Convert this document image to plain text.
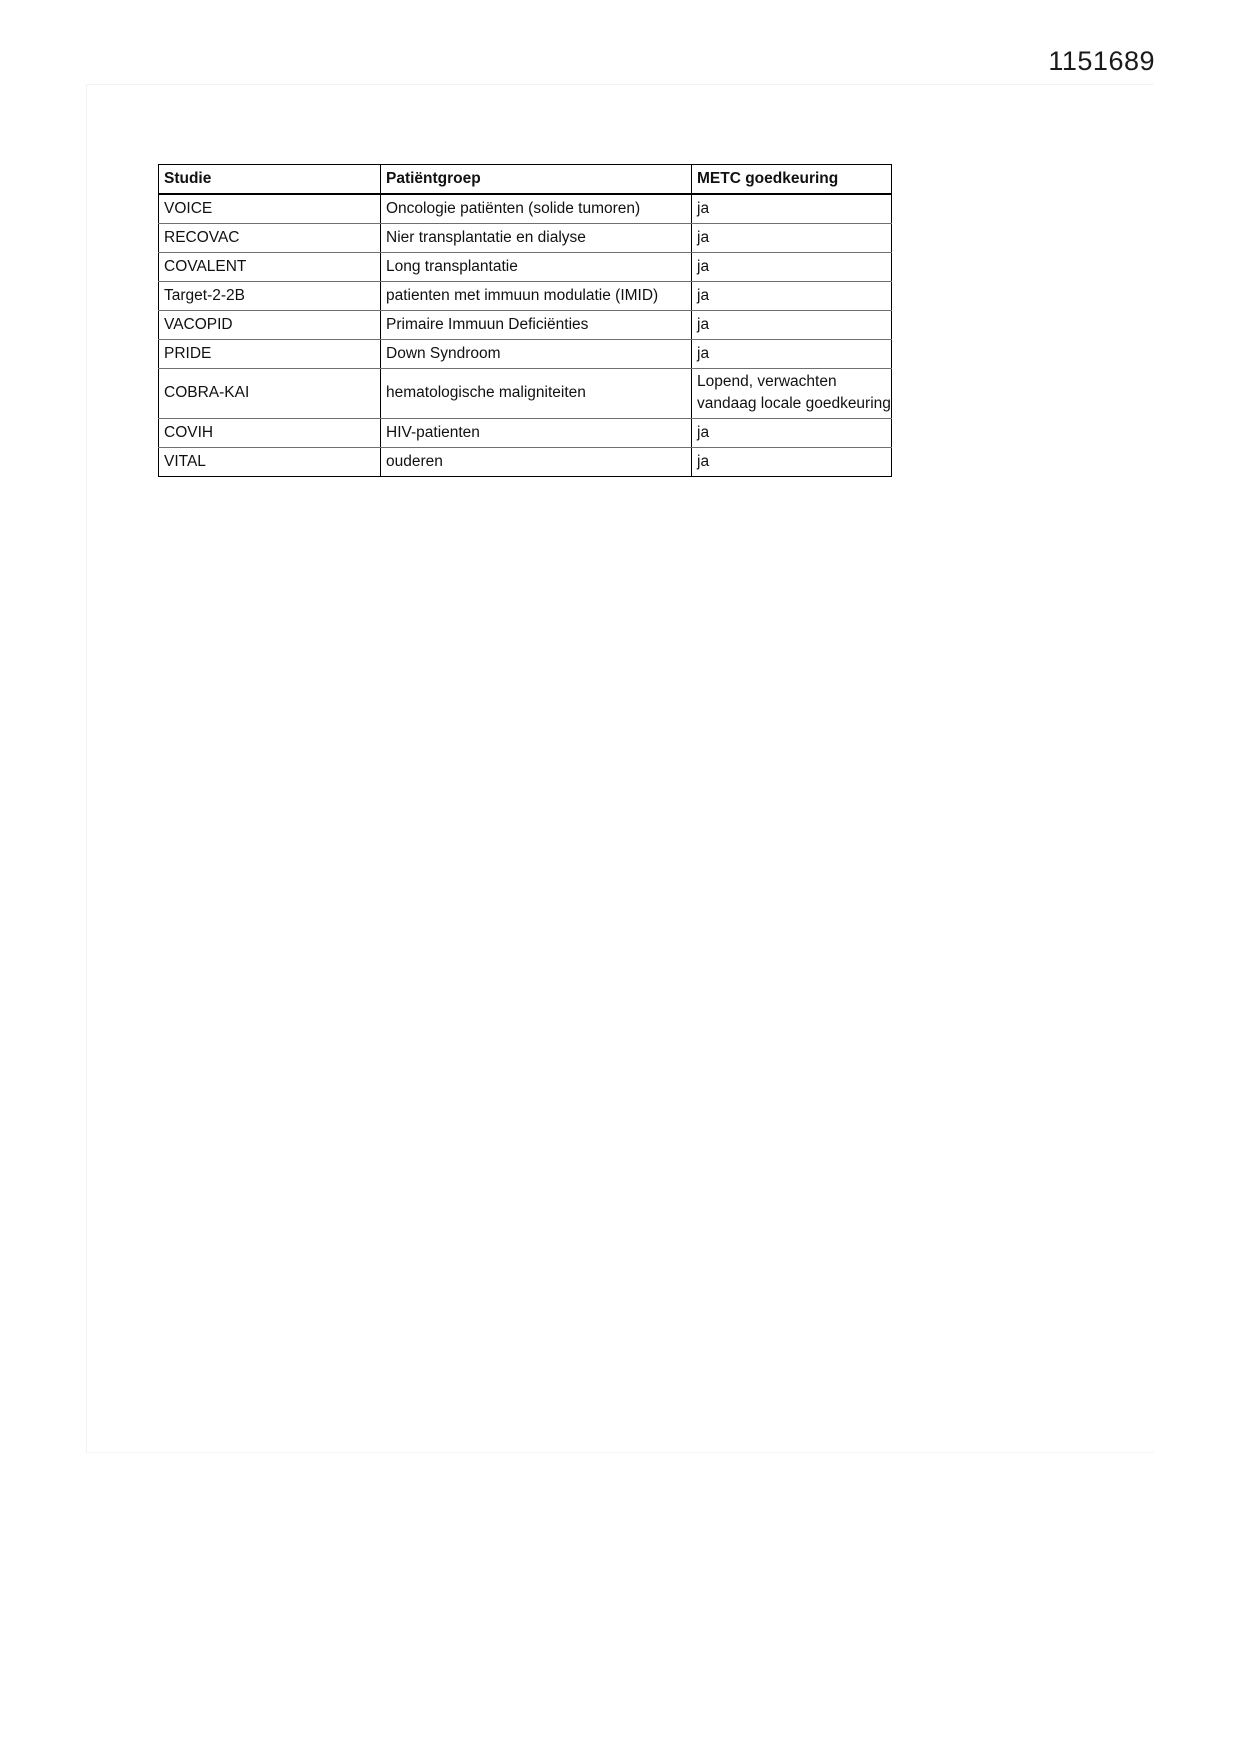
1151689
Studie	Patiëntgroep	METC goedkeuring
VOICE	Oncologie patiënten (solide tumoren)	ja
RECOVAC	Nier transplantatie en dialyse	ja
COVALENT	Long transplantatie	ja
Target-2-2B	patienten met immuun modulatie (IMID)	ja
VACOPID	Primaire Immuun Deficiënties	ja
PRIDE	Down Syndroom	ja
COBRA-KAI	hematologische maligniteiten	Lopend, verwachten vandaag locale goedkeuring
COVIH	HIV-patienten	ja
VITAL	ouderen	ja
